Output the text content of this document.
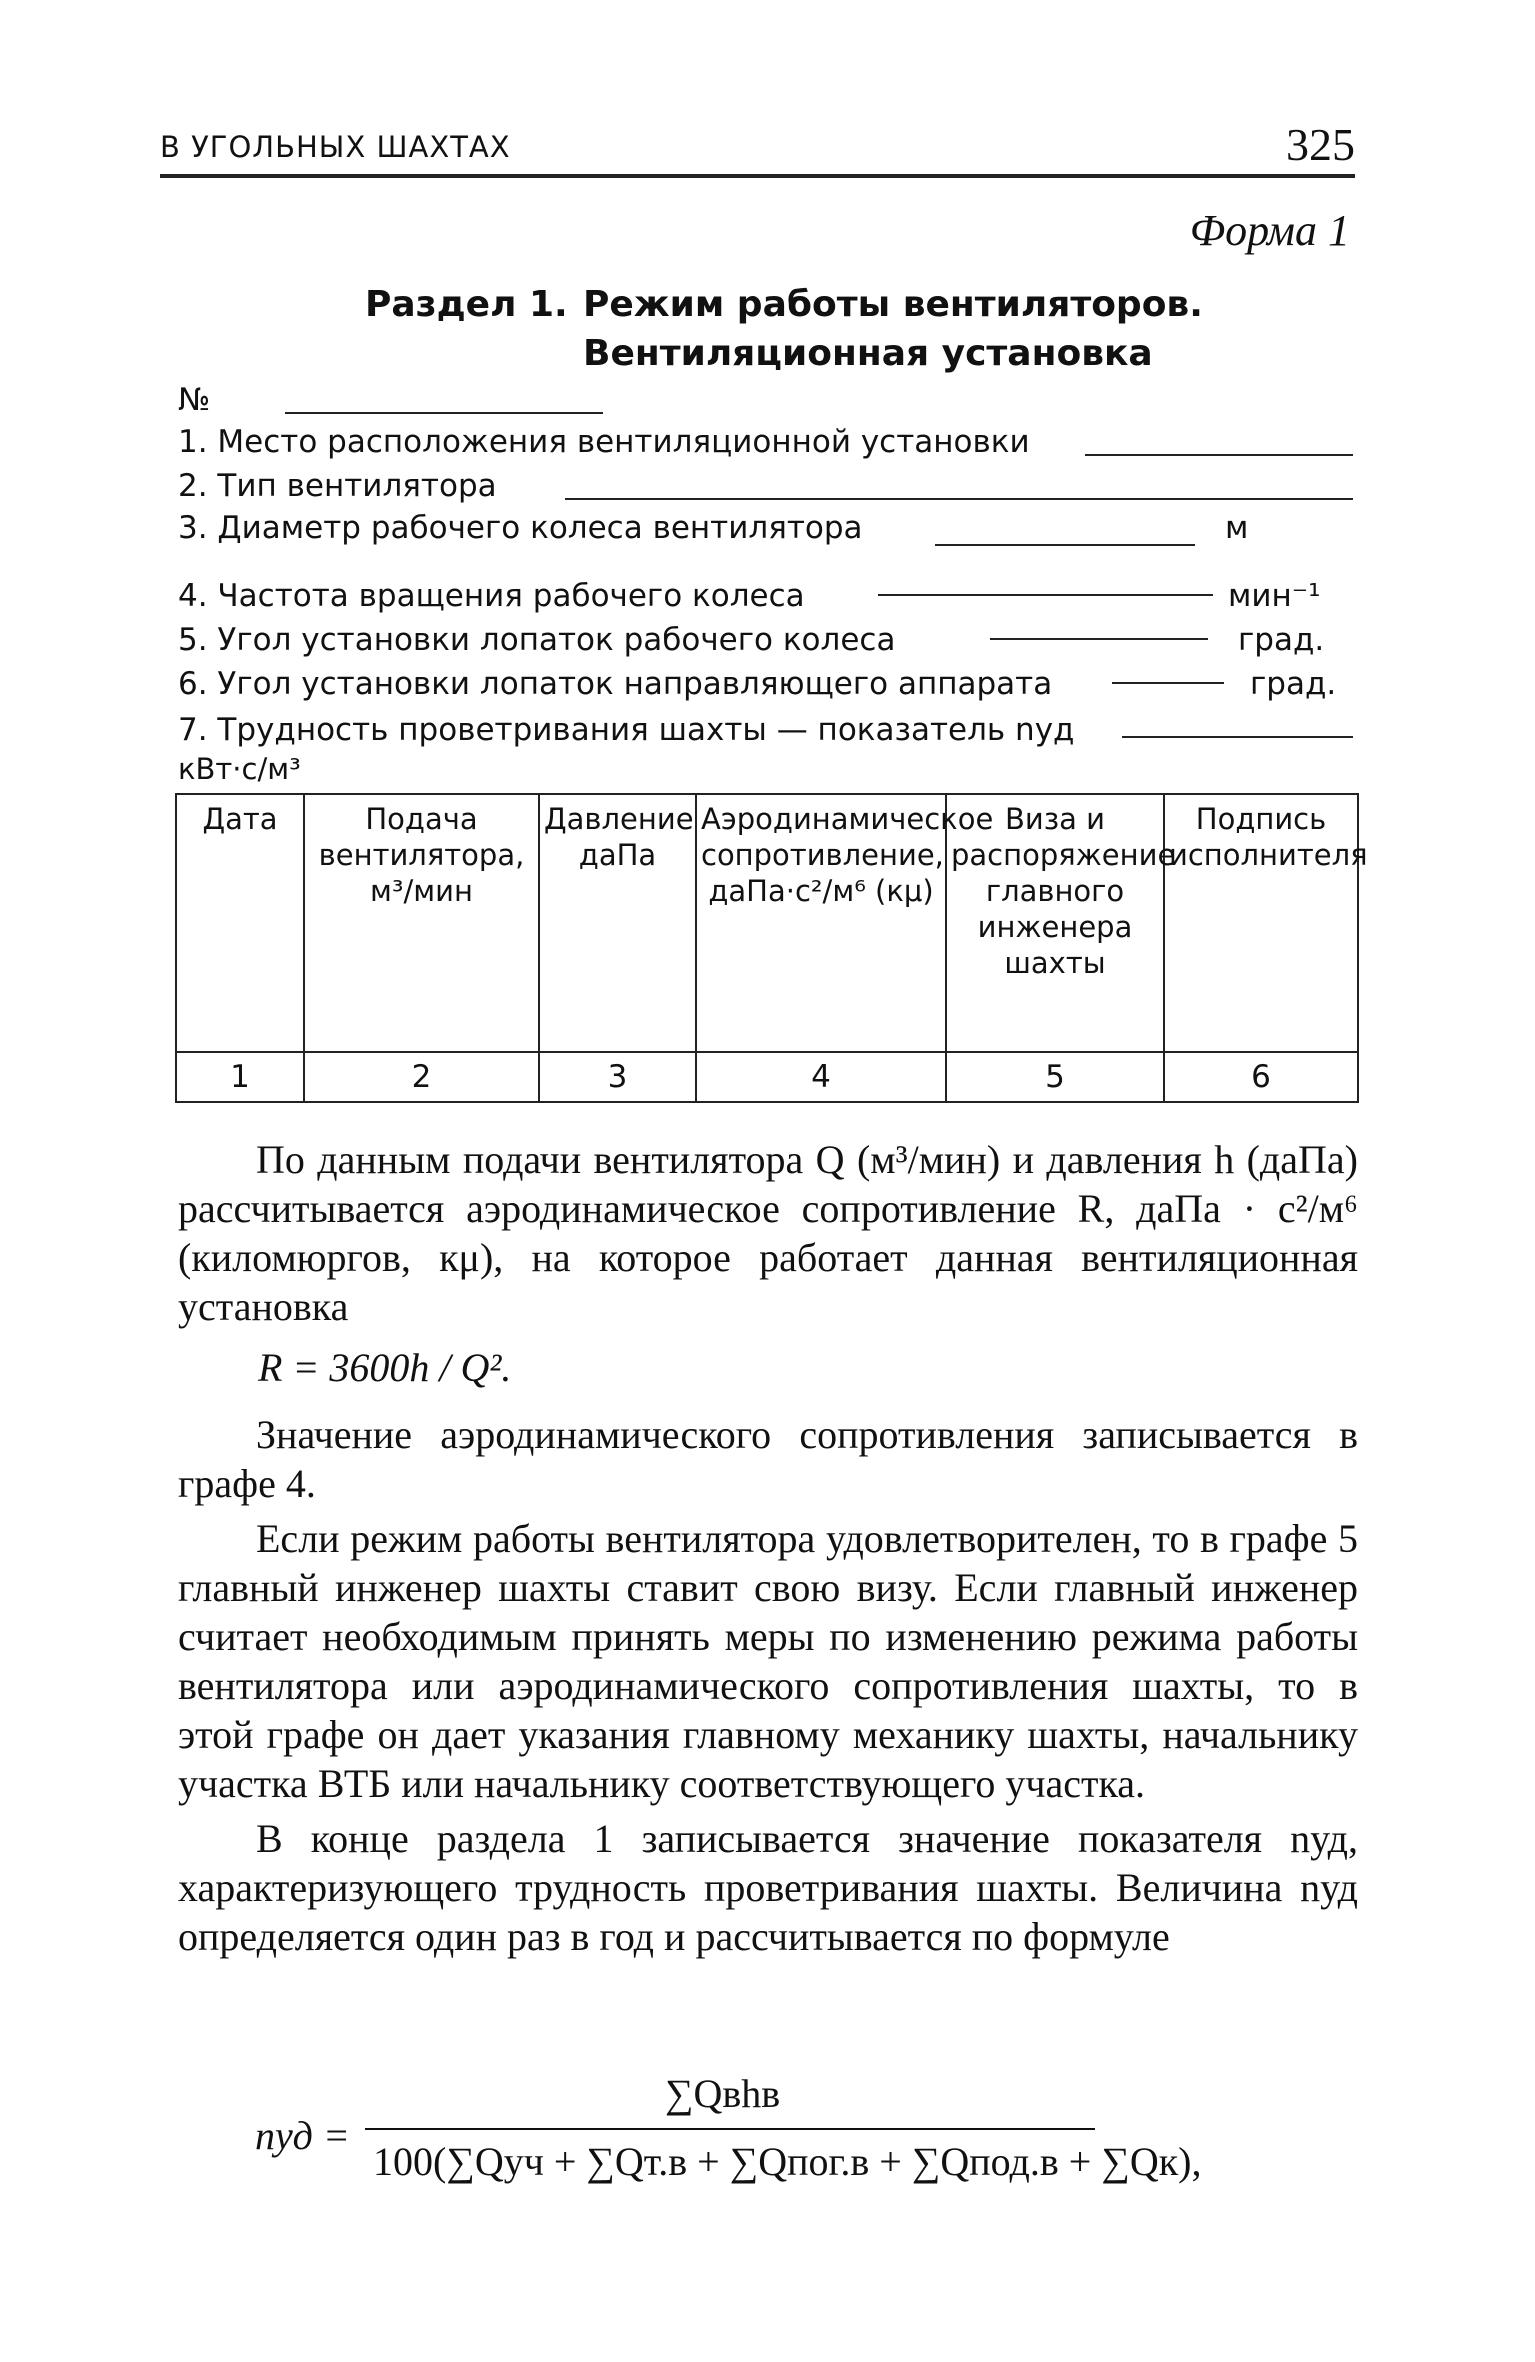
В УГОЛЬНЫХ ШАХТАХ	325
Форма 1
Раздел 1. Режим работы вентиляторов.
Вентиляционная установка
№
1. Место расположения вентиляционной установки
2. Тип вентилятора
3. Диаметр рабочего колеса вентилятора	м
4. Частота вращения рабочего колеса	мин⁻¹
5. Угол установки лопаток рабочего колеса	град.
6. Угол установки лопаток направляющего аппарата	град.
7. Трудность проветривания шахты — показатель nуд
кВт·с/м³
Дата	Подача вентилятора, м³/мин	Давление даПа	Аэродинамическое сопротивление, даПа·с²/м⁶ (кμ)	Виза и распоряжение главного инженера шахты	Подпись исполнителя
1	2	3	4	5	6

По данным подачи вентилятора Q (м³/мин) и давления h (даПа) рассчитывается аэродинамическое сопротивление R, даПа · с²/м⁶ (киломюргов, кμ), на которое работает данная вентиляционная установка

R = 3600h / Q².

Значение аэродинамического сопротивления записывается в графе 4.

Если режим работы вентилятора удовлетворителен, то в графе 5 главный инженер шахты ставит свою визу. Если главный инженер считает необходимым принять меры по изменению режима работы вентилятора или аэродинамического сопротивления шахты, то в этой графе он дает указания главному механику шахты, начальнику участка ВТБ или начальнику соответствующего участка.

В конце раздела 1 записывается значение показателя nуд, характеризующего трудность проветривания шахты. Величина nуд определяется один раз в год и рассчитывается по формуле

nуд =
∑Qвhв
100(∑Qуч + ∑Qт.в + ∑Qпог.в + ∑Qпод.в + ∑Qк),
